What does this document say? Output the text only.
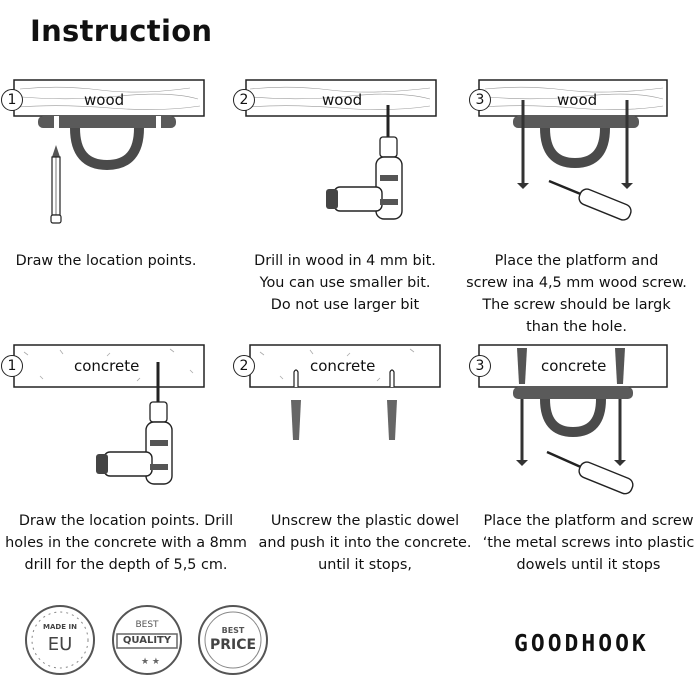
Instruction
1	wood	2	wood	3	wood
Draw the location points.	Drill in wood in 4 mm bit.
You can use smaller bit.
Do not use larger bit
Place the platform and
screw ina 4,5 mm wood screw.
The screw should be largk
than the hole.
1	concrete	2	concrete	3	concrete
Draw the location points. Drill
holes in the concrete with a 8mm
drill for the depth of 5,5 cm.
Unscrew the plastic dowel
and push it into the concrete.
until it stops,
Place the platform and screw
‘the metal screws into plastic
dowels until it stops
MADE IN
EU
★ ★
BEST
QUALITY
BEST
PRICE	GOODHOOK
